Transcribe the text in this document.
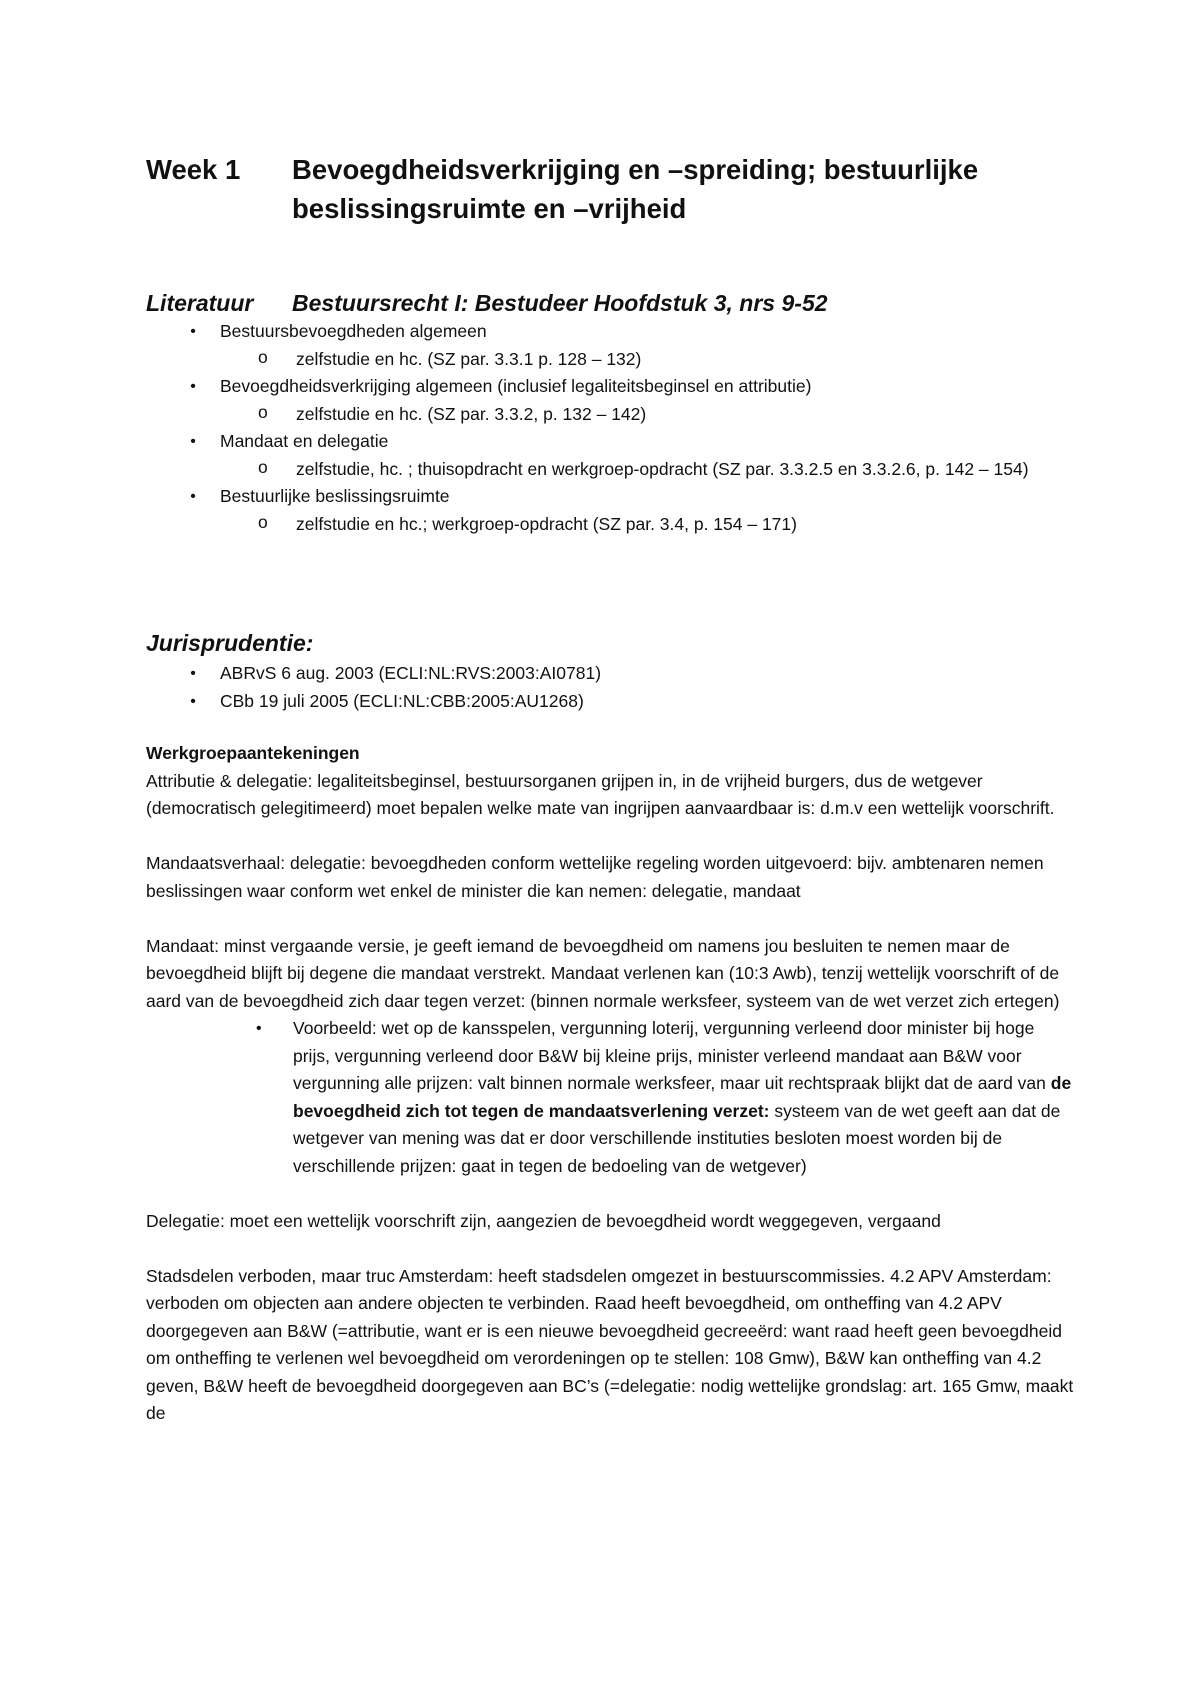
Week 1	Bevoegdheidsverkrijging en –spreiding; bestuurlijke
beslissingsruimte en –vrijheid
Literatuur	Bestuursrecht I: Bestudeer Hoofdstuk 3, nrs 9-52
• Bestuursbevoegdheden algemeen
o	zelfstudie en hc. (SZ par. 3.3.1 p. 128 – 132)
• Bevoegdheidsverkrijging algemeen (inclusief legaliteitsbeginsel en attributie)
o	zelfstudie en hc. (SZ par. 3.3.2, p. 132 – 142)
• Mandaat en delegatie
o	zelfstudie, hc. ; thuisopdracht en werkgroep-opdracht (SZ par. 3.3.2.5 en 3.3.2.6, p. 142 – 154)
• Bestuurlijke beslissingsruimte
o	zelfstudie en hc.; werkgroep-opdracht (SZ par. 3.4, p. 154 – 171)
Jurisprudentie:
• ABRvS 6 aug. 2003 (ECLI:NL:RVS:2003:AI0781)
• CBb 19 juli 2005 (ECLI:NL:CBB:2005:AU1268)
Werkgroepaantekeningen

Attributie & delegatie: legaliteitsbeginsel, bestuursorganen grijpen in, in de vrijheid burgers, dus de wetgever (democratisch gelegitimeerd) moet bepalen welke mate van ingrijpen aanvaardbaar is: d.m.v een wettelijk voorschrift.

Mandaatsverhaal: delegatie: bevoegdheden conform wettelijke regeling worden uitgevoerd: bijv. ambtenaren nemen beslissingen waar conform wet enkel de minister die kan nemen: delegatie, mandaat

Mandaat: minst vergaande versie, je geeft iemand de bevoegdheid om namens jou besluiten te nemen maar de bevoegdheid blijft bij degene die mandaat verstrekt. Mandaat verlenen kan (10:3 Awb), tenzij wettelijk voorschrift of de aard van de bevoegdheid zich daar tegen verzet: (binnen normale werksfeer, systeem van de wet verzet zich ertegen)

• Voorbeeld: wet op de kansspelen, vergunning loterij, vergunning verleend door minister bij hoge prijs, vergunning verleend door B&W bij kleine prijs, minister verleend mandaat aan B&W voor vergunning alle prijzen: valt binnen normale werksfeer, maar uit rechtspraak blijkt dat de aard van de bevoegdheid zich tot tegen de mandaatsverlening verzet: systeem van de wet geeft aan dat de wetgever van mening was dat er door verschillende instituties besloten moest worden bij de verschillende prijzen: gaat in tegen de bedoeling van de wetgever)

Delegatie: moet een wettelijk voorschrift zijn, aangezien de bevoegdheid wordt weggegeven, vergaand

Stadsdelen verboden, maar truc Amsterdam: heeft stadsdelen omgezet in bestuurscommissies. 4.2 APV Amsterdam: verboden om objecten aan andere objecten te verbinden. Raad heeft bevoegdheid, om ontheffing van 4.2 APV doorgegeven aan B&W (=attributie, want er is een nieuwe bevoegdheid gecreeërd: want raad heeft geen bevoegdheid om ontheffing te verlenen wel bevoegdheid om verordeningen op te stellen: 108 Gmw), B&W kan ontheffing van 4.2 geven, B&W heeft de bevoegdheid doorgegeven aan BC’s (=delegatie: nodig wettelijke grondslag: art. 165 Gmw, maakt de
